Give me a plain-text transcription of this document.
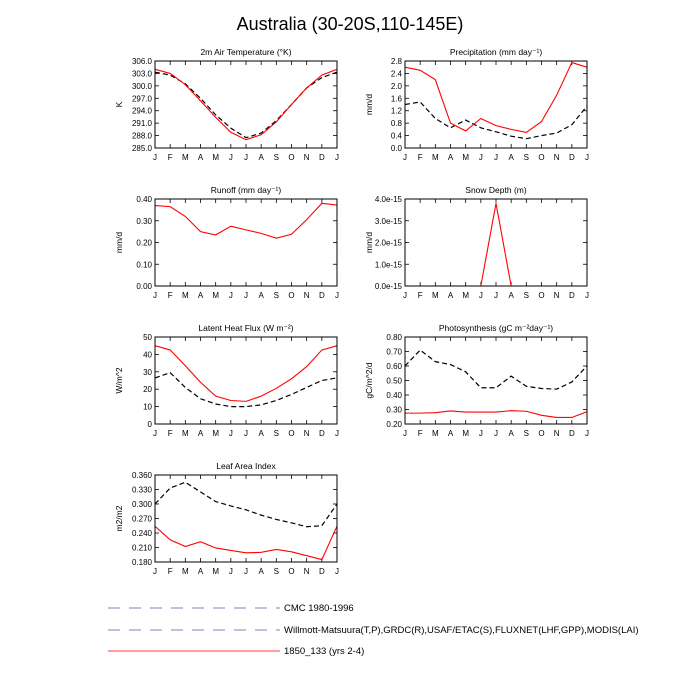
Australia (30-20S,110-145E)
2m Air Temperature (°K)
K
285.0
288.0
291.0
294.0
297.0
300.0
303.0
306.0
J F M A M J J A S O N D J
Precipitation (mm day⁻¹)
mm/d
0.0
0.4
0.8
1.2
1.6
2.0
2.4
2.8
J F M A M J J A S O N D J
Runoff (mm day⁻¹)
mm/d
0.00
0.10
0.20
0.30
0.40
J F M A M J J A S O N D J
Snow Depth (m)
mm/d
0.0e-15
1.0e-15
2.0e-15
3.0e-15
4.0e-15
J F M A M J J A S O N D J
Latent Heat Flux (W m⁻²)
W/m^2
0
10
20
30
40
50
J F M A M J J A S O N D J
Photosynthesis (gC m⁻²day⁻¹)
gC/m^2/d
0.20
0.30
0.40
0.50
0.60
0.70
0.80
J F M A M J J A S O N D J
Leaf Area Index
m2/m2
0.180
0.210
0.240
0.270
0.300
0.330
0.360
J F M A M J J A S O N D J
CMC 1980-1996
Willmott-Matsuura(T,P),GRDC(R),USAF/ETAC(S),FLUXNET(LHF,GPP),MODIS(LAI)
1850_133 (yrs 2-4)
